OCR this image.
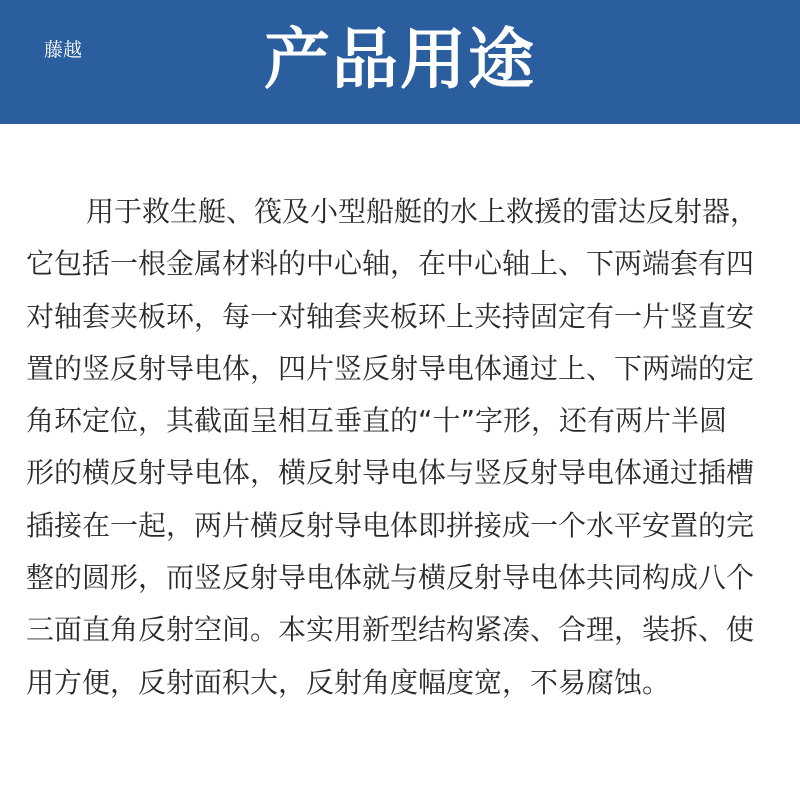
藤越	产品用途
用于救生艇、筏及小型船艇的水上救援的雷达反射器，
它包括一根金属材料的中心轴，在中心轴上、下两端套有四
对轴套夹板环，每一对轴套夹板环上夹持固定有一片竖直安
置的竖反射导电体，四片竖反射导电体通过上、下两端的定
角环定位，其截面呈相互垂直的“十”字形，还有两片半圆
形的横反射导电体，横反射导电体与竖反射导电体通过插槽
插接在一起，两片横反射导电体即拼接成一个水平安置的完
整的圆形，而竖反射导电体就与横反射导电体共同构成八个
三面直角反射空间。本实用新型结构紧凑、合理，装拆、使
用方便，反射面积大，反射角度幅度宽，不易腐蚀。
